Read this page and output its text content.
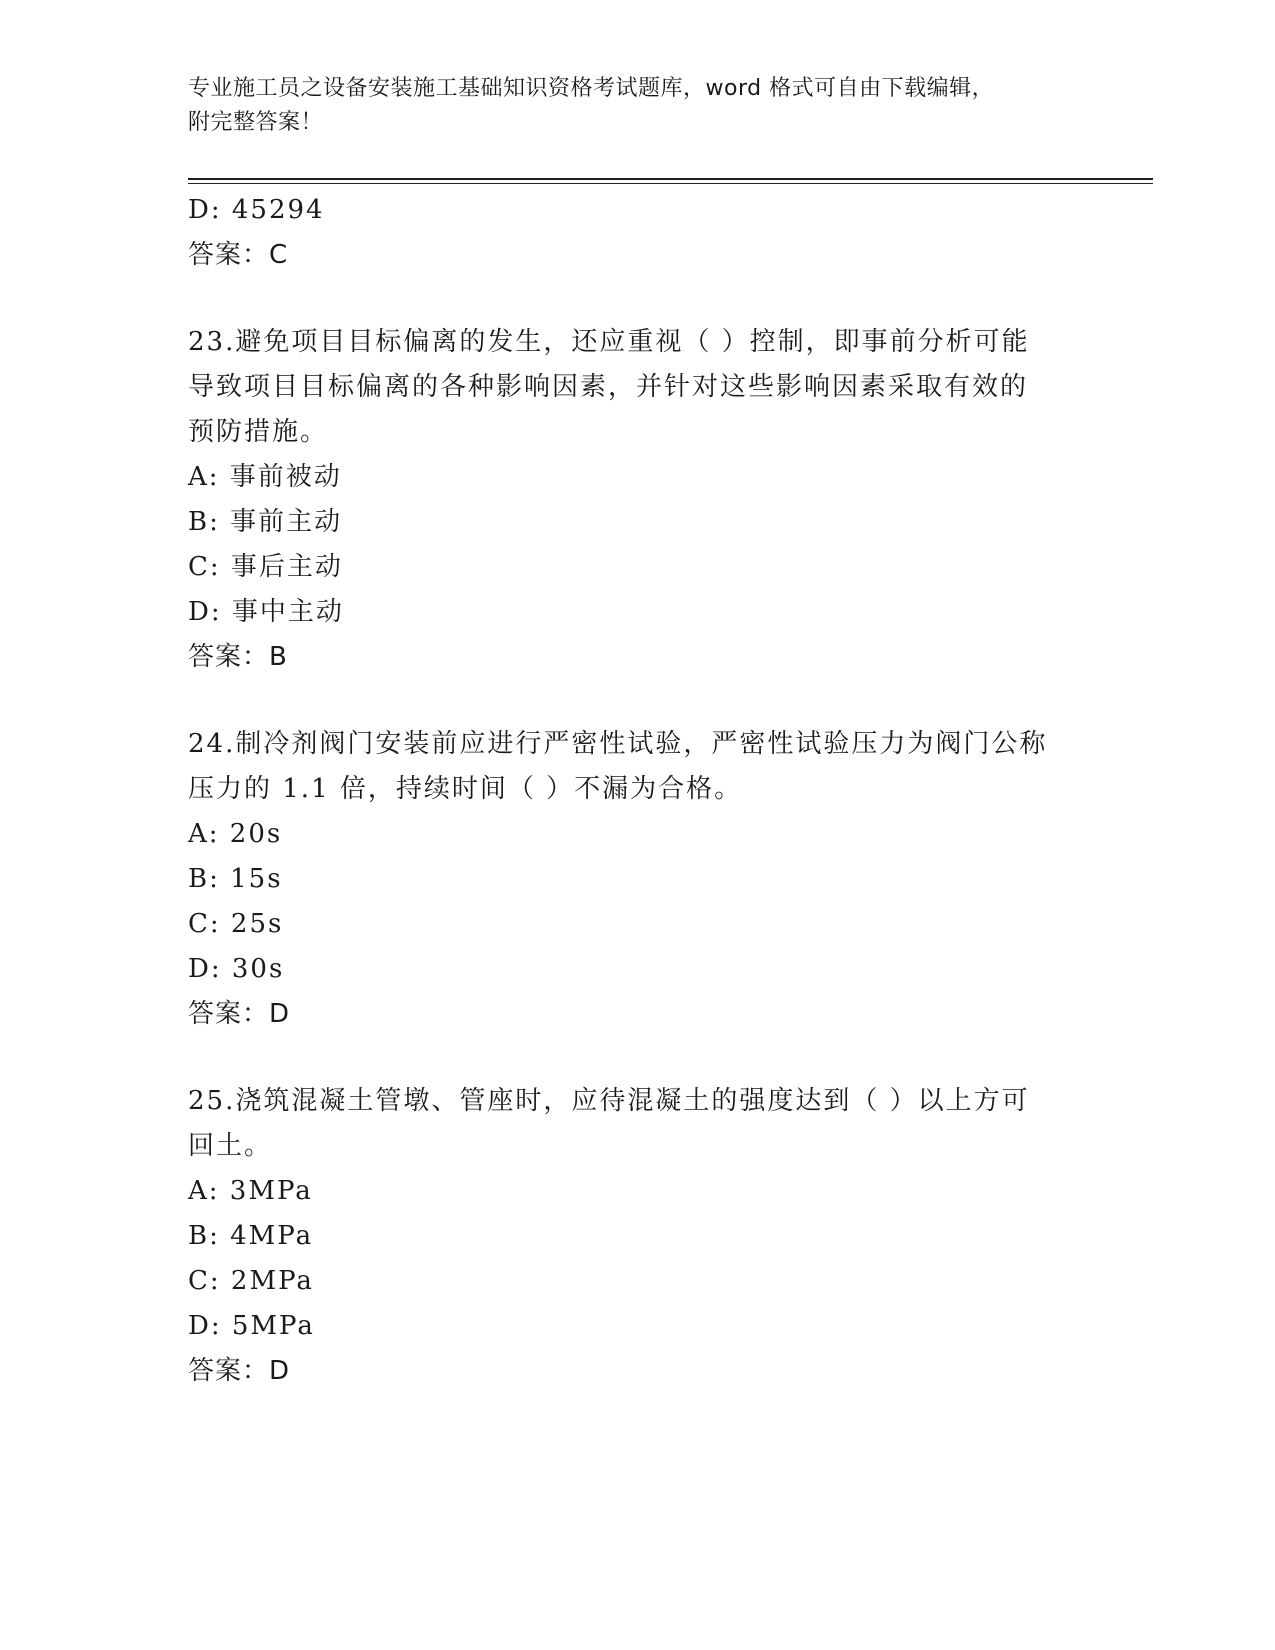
专业施工员之设备安装施工基础知识资格考试题库，word 格式可自由下载编辑，
附完整答案！
D: 45294
答案：C
23.避免项目目标偏离的发生，还应重视（ ）控制，即事前分析可能
导致项目目标偏离的各种影响因素，并针对这些影响因素采取有效的
预防措施。
A: 事前被动
B: 事前主动
C: 事后主动
D: 事中主动
答案：B
24.制冷剂阀门安装前应进行严密性试验，严密性试验压力为阀门公称
压力的 1.1 倍，持续时间（ ）不漏为合格。
A: 20s
B: 15s
C: 25s
D: 30s
答案：D
25.浇筑混凝土管墩、管座时，应待混凝土的强度达到（ ）以上方可
回土。
A: 3MPa
B: 4MPa
C: 2MPa
D: 5MPa
答案：D
